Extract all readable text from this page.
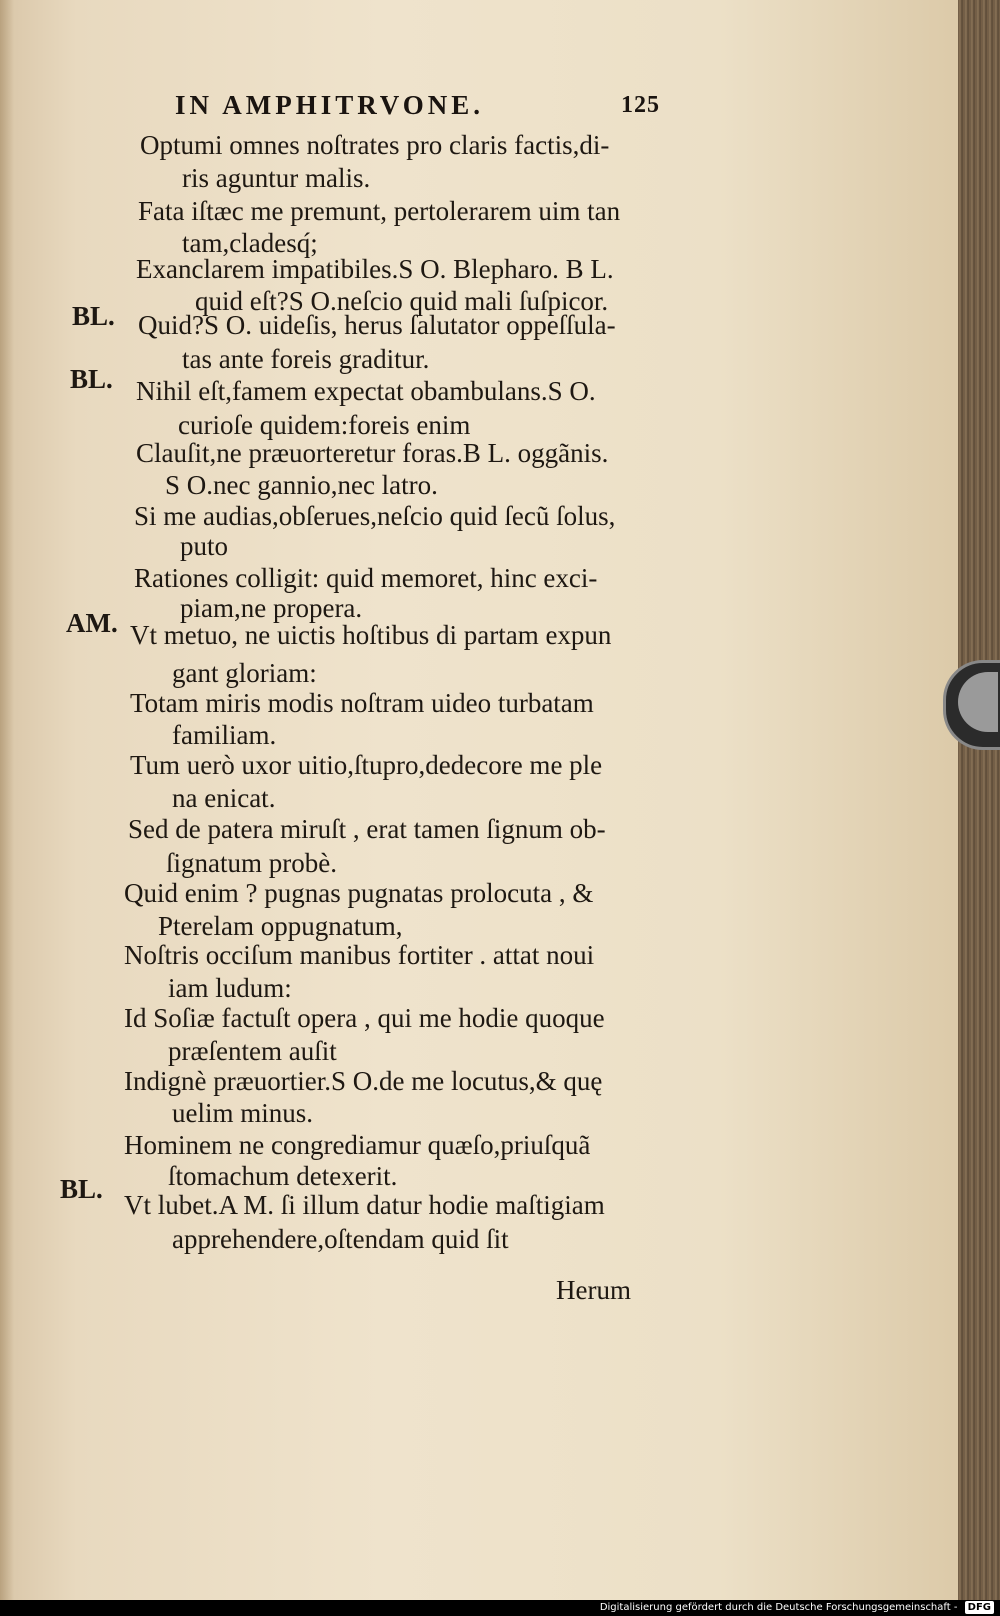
IN AMPHITRVONE.	125
Optumi omnes noſtrates pro claris factis,di-
ris aguntur malis.
Fata iſtæc me premunt, pertolerarem uim tan
tam,cladesq́;
Exanclarem impatibiles.S O. Blepharo. B L.
quid eſt?S O.neſcio quid mali ſuſpicor.
BL. Quid?S O. uideſis, herus ſalutator oppeſſula-
tas ante foreis graditur.
BL. Nihil eſt,famem expectat obambulans.S O.
curioſe quidem:foreis enim
Clauſit,ne præuorteretur foras.B L. oggãnis.
S O.nec gannio,nec latro.
Si me audias,obſerues,neſcio quid ſecũ ſolus,
puto
Rationes colligit: quid memoret, hinc exci-
piam,ne propera.
AM. Vt metuo, ne uictis hoſtibus di partam expun
gant gloriam:
Totam miris modis noſtram uideo turbatam
familiam.
Tum uerò uxor uitio,ſtupro,dedecore me ple
na enicat.
Sed de patera miruſt , erat tamen ſignum ob-
ſignatum probè.
Quid enim ? pugnas pugnatas prolocuta , &
Pterelam oppugnatum,
Noſtris occiſum manibus fortiter . attat noui
iam ludum:
Id Soſiæ factuſt opera , qui me hodie quoque
præſentem auſit
Indignè præuortier.S O.de me locutus,& quę
uelim minus.
Hominem ne congrediamur quæſo,priuſquã
ſtomachum detexerit.
BL.
Vt lubet.A M. ſi illum datur hodie maſtigiam
apprehendere,oſtendam quid ſit
Herum
Digitalisierung gefördert durch die Deutsche Forschungsgemeinschaft - DFG
